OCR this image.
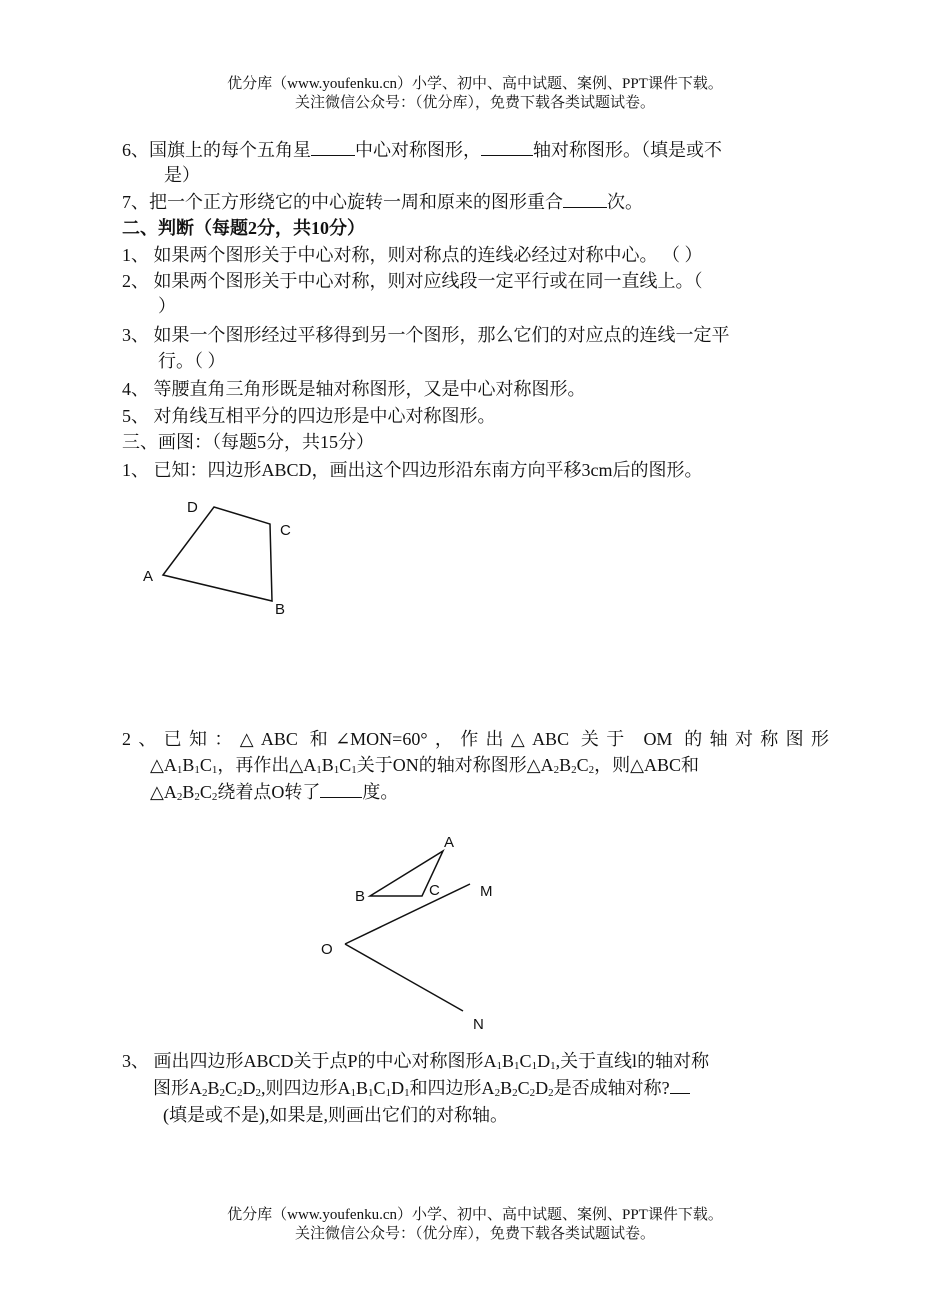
优分库（www.youfenku.cn）小学、初中、高中试题、案例、PPT课件下载。
关注微信公众号：（优分库），免费下载各类试题试卷。
6、国旗上的每个五角星 中心对称图形，	轴对称图形。（填是或不
是）
7、把一个正方形绕它的中心旋转一周和原来的图形重合 次。
二、判断（每题2分，共10分）
1、 如果两个图形关于中心对称，则对称点的连线必经过对称中心。 （ ）
2、 如果两个图形关于中心对称，则对应线段一定平行或在同一直线上。（
）
3、 如果一个图形经过平移得到另一个图形，那么它们的对应点的连线一定平
行。（ ）
4、 等腰直角三角形既是轴对称图形，又是中心对称图形。
5、 对角线互相平分的四边形是中心对称图形。
三、画图：（每题5分，共15分）
1、 已知：四边形ABCD，画出这个四边形沿东南方向平移3cm后的图形。
D
C
A
B
2、已知：△ABC 和∠MON=60°，作出△ABC 关于 OM 的轴对称图形
$\triangle A_1B_1C_1$，再作出$\triangle A_1B_1C_1$关于ON的轴对称图形$\triangle A_2B_2C_2$，则△ABC和
$\triangle A_2B_2C_2$绕着点O转了 度。
A
B	C	M
O
N
3、 画出四边形ABCD关于点P的中心对称图形$A_1B_1C_1D_1$,关于直线l的轴对称
图形$A_2B_2C_2D_2$,则四边形$A_1B_1C_1D_1$和四边形$A_2B_2C_2D_2$是否成轴对称?
(填是或不是),如果是,则画出它们的对称轴。
优分库（www.youfenku.cn）小学、初中、高中试题、案例、PPT课件下载。
关注微信公众号：（优分库），免费下载各类试题试卷。
